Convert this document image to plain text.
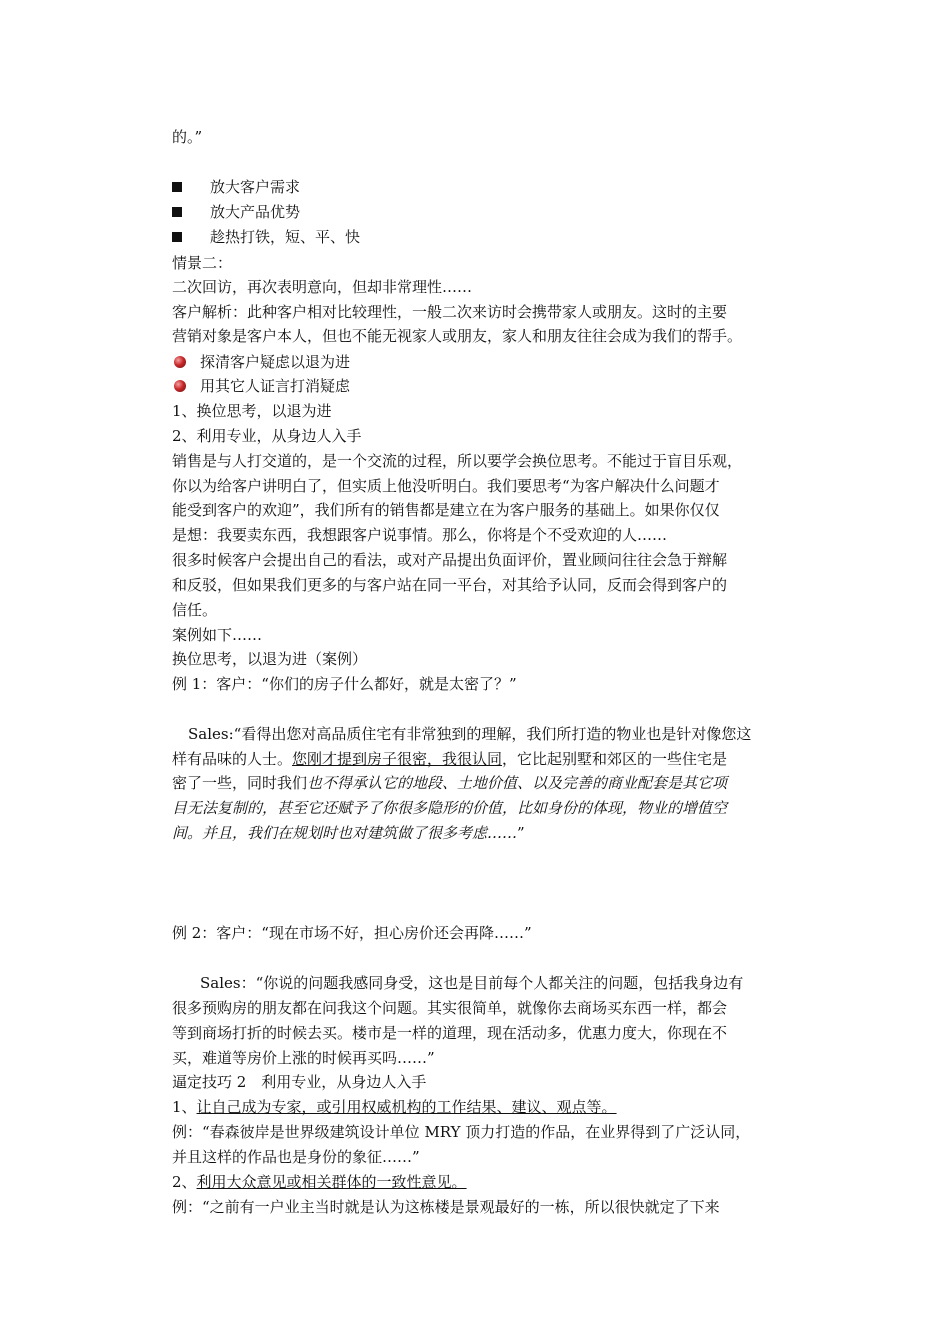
的。”
放大客户需求
放大产品优势
趁热打铁，短、平、快
情景二：
二次回访，再次表明意向，但却非常理性……
客户解析：此种客户相对比较理性，一般二次来访时会携带家人或朋友。这时的主要
营销对象是客户本人，但也不能无视家人或朋友，家人和朋友往往会成为我们的帮手。
探清客户疑虑以退为进
用其它人证言打消疑虑
1、换位思考，以退为进
2、利用专业，从身边人入手
销售是与人打交道的，是一个交流的过程，所以要学会换位思考。不能过于盲目乐观，
你以为给客户讲明白了，但实质上他没听明白。我们要思考“为客户解决什么问题才
能受到客户的欢迎”，我们所有的销售都是建立在为客户服务的基础上。如果你仅仅
是想：我要卖东西，我想跟客户说事情。那么，你将是个不受欢迎的人……
很多时候客户会提出自己的看法，或对产品提出负面评价，置业顾问往往会急于辩解
和反驳，但如果我们更多的与客户站在同一平台，对其给予认同，反而会得到客户的
信任。
案例如下……
换位思考，以退为进（案例）
例 1：客户：“你们的房子什么都好，就是太密了？”
Sales:“看得出您对高品质住宅有非常独到的理解，我们所打造的物业也是针对像您这
样有品味的人士。您刚才提到房子很密，我很认同，它比起别墅和郊区的一些住宅是
密了一些，同时我们也不得承认它的地段、土地价值、以及完善的商业配套是其它项
目无法复制的，甚至它还赋予了你很多隐形的价值，比如身份的体现，物业的增值空
间。并且，我们在规划时也对建筑做了很多考虑……”
例 2：客户：“现在市场不好，担心房价还会再降……”
Sales：“你说的问题我感同身受，这也是目前每个人都关注的问题，包括我身边有
很多预购房的朋友都在问我这个问题。其实很简单，就像你去商场买东西一样，都会
等到商场打折的时候去买。楼市是一样的道理，现在活动多，优惠力度大，你现在不
买，难道等房价上涨的时候再买吗……”
逼定技巧 2　利用专业，从身边人入手
1、让自己成为专家，或引用权威机构的工作结果、建议、观点等。
例：“春森彼岸是世界级建筑设计单位 MRY 顶力打造的作品，在业界得到了广泛认同，
并且这样的作品也是身份的象征……”
2、利用大众意见或相关群体的一致性意见。
例：“之前有一户业主当时就是认为这栋楼是景观最好的一栋，所以很快就定了下来
